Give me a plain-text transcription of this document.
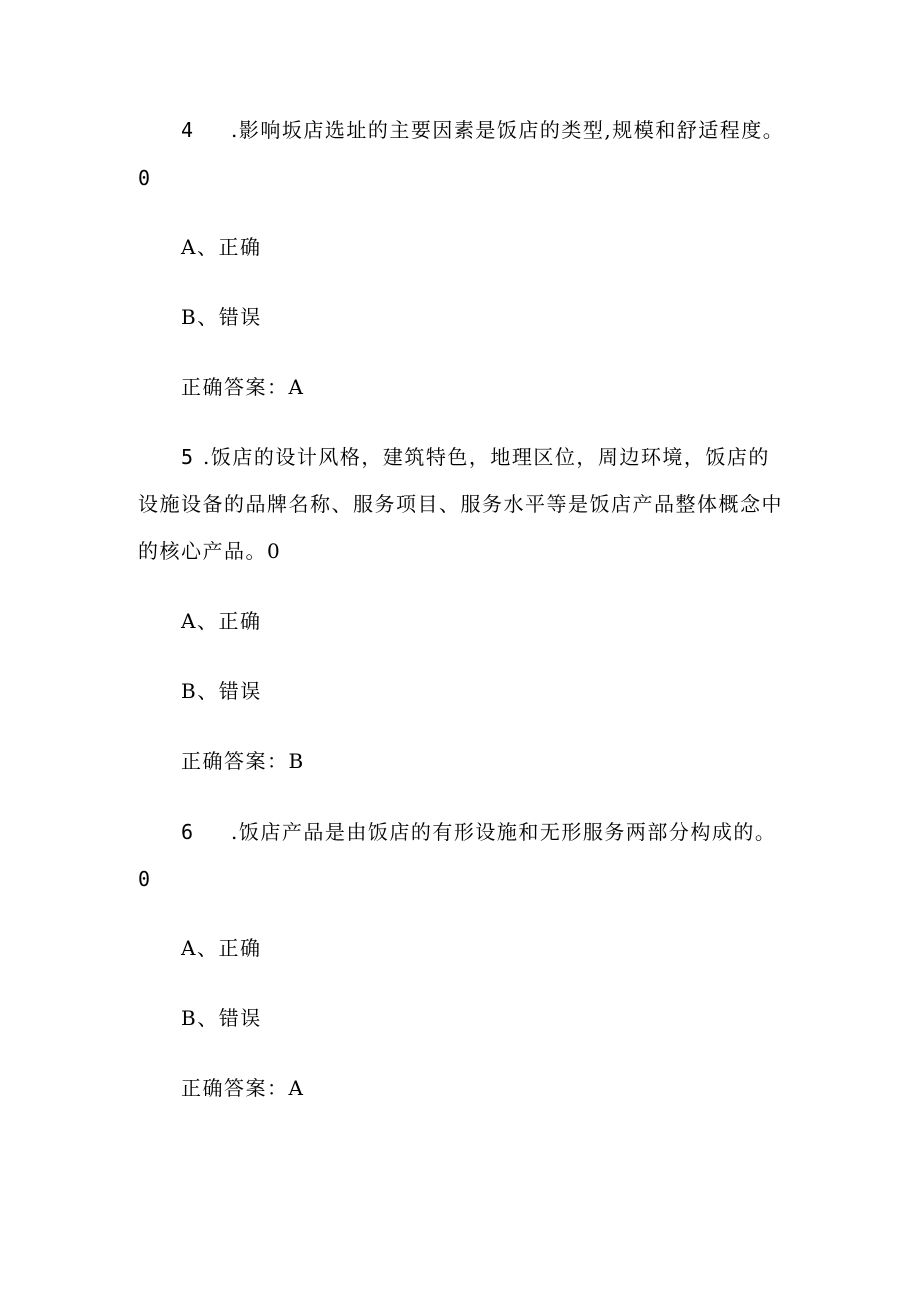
4 .影响坂店选址的主要因素是饭店的类型,规模和舒适程度。
0
A、正确
B、错误
正确答案：A
5 .饭店的设计风格，建筑特色，地理区位，周边环境，饭店的
设施设备的品牌名称、服务项目、服务水平等是饭店产品整体概念中
的核心产品。0
A、正确
B、错误
正确答案：B
6 .饭店产品是由饭店的有形设施和无形服务两部分构成的。
0
A、正确
B、错误
正确答案：A
